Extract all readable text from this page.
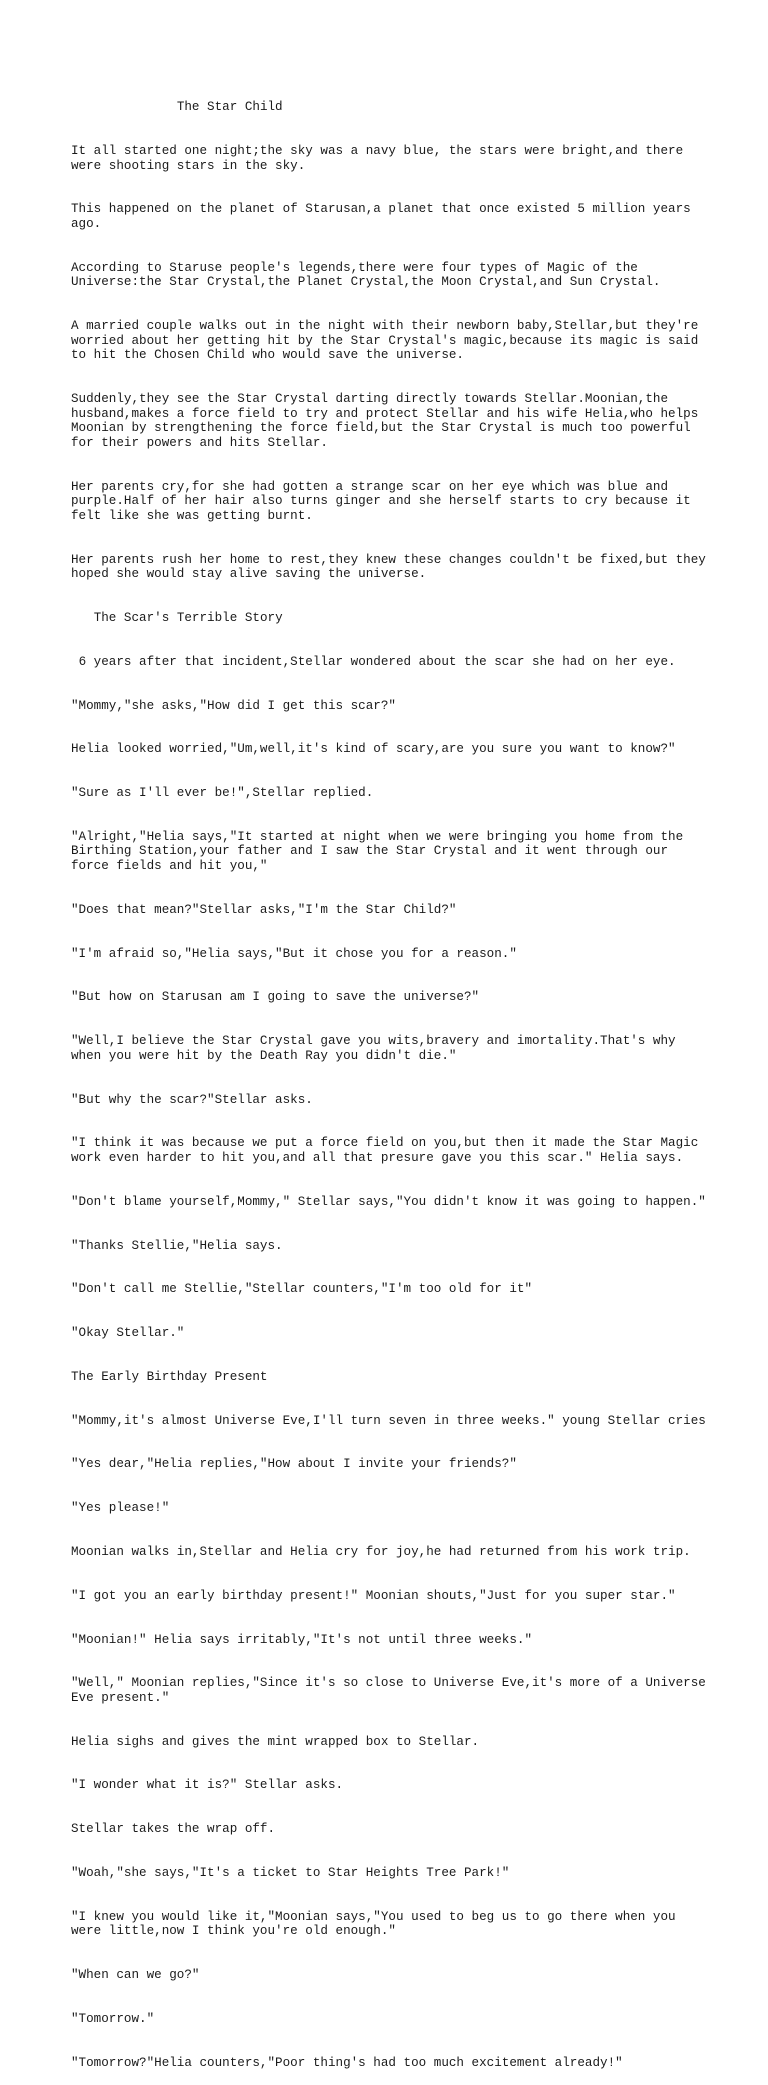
The Star Child

It all started one night;the sky was a navy blue, the stars were bright,and there were shooting stars in the sky.

This happened on the planet of Starusan,a planet that once existed 5 million years ago.

According to Staruse people's legends,there were four types of Magic of the Universe:the Star Crystal,the Planet Crystal,the Moon Crystal,and Sun Crystal.

A married couple walks out in the night with their newborn baby,Stellar,but they're worried about her getting hit by the Star Crystal's magic,because its magic is said to hit the Chosen Child who would save the universe.

Suddenly,they see the Star Crystal darting directly towards Stellar.Moonian,the husband,makes a force field to try and protect Stellar and his wife Helia,who helps Moonian by strengthening the force field,but the Star Crystal is much too powerful for their powers and hits Stellar.

Her parents cry,for she had gotten a strange scar on her eye which was blue and purple.Half of her hair also turns ginger and she herself starts to cry because it felt like she was getting burnt.

Her parents rush her home to rest,they knew these changes couldn't be fixed,but they hoped she would stay alive saving the universe.

The Scar's Terrible Story

6 years after that incident,Stellar wondered about the scar she had on her eye.

"Mommy,"she asks,"How did I get this scar?"

Helia looked worried,"Um,well,it's kind of scary,are you sure you want to know?"

"Sure as I'll ever be!",Stellar replied.

"Alright,"Helia says,"It started at night when we were bringing you home from the Birthing Station,your father and I saw the Star Crystal and it went through our force fields and hit you,"

"Does that mean?"Stellar asks,"I'm the Star Child?"

"I'm afraid so,"Helia says,"But it chose you for a reason."

"But how on Starusan am I going to save the universe?"

"Well,I believe the Star Crystal gave you wits,bravery and imortality.That's why when you were hit by the Death Ray you didn't die."

"But why the scar?"Stellar asks.

"I think it was because we put a force field on you,but then it made the Star Magic work even harder to hit you,and all that presure gave you this scar." Helia says.

"Don't blame yourself,Mommy," Stellar says,"You didn't know it was going to happen."

"Thanks Stellie,"Helia says.

"Don't call me Stellie,"Stellar counters,"I'm too old for it"

"Okay Stellar."

The Early Birthday Present

"Mommy,it's almost Universe Eve,I'll turn seven in three weeks." young Stellar cries

"Yes dear,"Helia replies,"How about I invite your friends?"

"Yes please!"

Moonian walks in,Stellar and Helia cry for joy,he had returned from his work trip.

"I got you an early birthday present!" Moonian shouts,"Just for you super star."

"Moonian!" Helia says irritably,"It's not until three weeks."

"Well," Moonian replies,"Since it's so close to Universe Eve,it's more of a Universe Eve present."

Helia sighs and gives the mint wrapped box to Stellar.

"I wonder what it is?" Stellar asks.

Stellar takes the wrap off.

"Woah,"she says,"It's a ticket to Star Heights Tree Park!"

"I knew you would like it,"Moonian says,"You used to beg us to go there when you were little,now I think you're old enough."

"When can we go?"

"Tomorrow."

"Tomorrow?"Helia counters,"Poor thing's had too much excitement already!"
